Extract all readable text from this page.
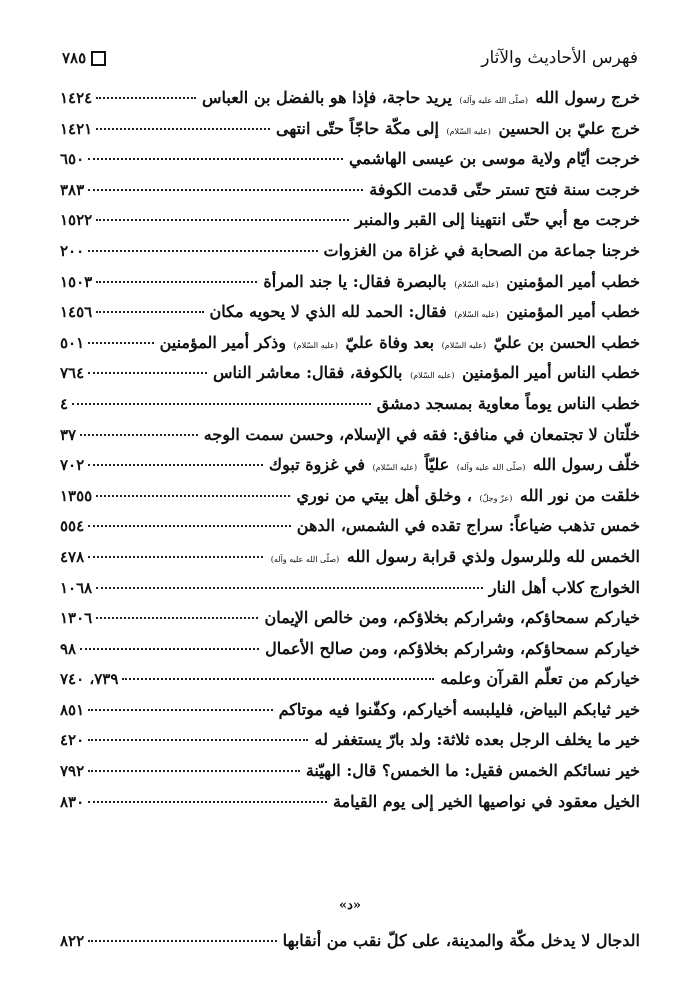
فهرس الأحاديث والآثار
٧٨٥
خرج رسول الله (صلّى الله عليه وآله) يريد حاجة، فإذا هو بالفضل بن العباس
١٤٢٤
خرج عليّ بن الحسين (عليه السّلام) إلى مكّة حاجّاً حتّى انتهى
١٤٢١
خرجت أيّام ولاية موسى بن عيسى الهاشمي
٦٥٠
خرجت سنة فتح تستر حتّى قدمت الكوفة
٣٨٣
خرجت مع أبي حتّى انتهينا إلى القبر والمنبر
١٥٢٢
خرجنا جماعة من الصحابة في غزاة من الغزوات
٢٠٠
خطب أمير المؤمنين (عليه السّلام) بالبصرة فقال: يا جند المرأة
١٥٠٣
خطب أمير المؤمنين (عليه السّلام) فقال: الحمد لله الذي لا يحويه مكان
١٤٥٦
خطب الحسن بن عليّ (عليه السّلام) بعد وفاة عليّ (عليه السّلام) وذكر أمير المؤمنين
٥٠١
خطب الناس أمير المؤمنين (عليه السّلام) بالكوفة، فقال: معاشر الناس
٧٦٤
خطب الناس يوماً معاوية بمسجد دمشق
٤
خلّتان لا تجتمعان في منافق: فقه في الإسلام، وحسن سمت الوجه
٣٧
خلّف رسول الله (صلّى الله عليه وآله) عليّاً (عليه السّلام) في غزوة تبوك
٧٠٢
خلقت من نور الله (عزّ وجلّ) ، وخلق أهل بيتي من نوري
١٣٥٥
خمس تذهب ضياعاً: سراج تقده في الشمس، الدهن
٥٥٤
الخمس لله وللرسول ولذي قرابة رسول الله (صلّى الله عليه وآله)
٤٧٨
الخوارج كلاب أهل النار
١٠٦٨
خياركم سمحاؤكم، وشراركم بخلاؤكم، ومن خالص الإيمان
١٣٠٦
خياركم سمحاؤكم، وشراركم بخلاؤكم، ومن صالح الأعمال
٩٨
خياركم من تعلّم القرآن وعلمه
٧٣٩، ٧٤٠
خير ثيابكم البياض، فليلبسه أخياركم، وكفّنوا فيه موتاكم
٨٥١
خير ما يخلف الرجل بعده ثلاثة: ولد بارّ يستغفر له
٤٢٠
خير نسائكم الخمس فقيل: ما الخمس؟ قال: الهيّنة
٧٩٢
الخيل معقود في نواصيها الخير إلى يوم القيامة
٨٣٠
«د»
الدجال لا يدخل مكّة والمدينة، على كلّ نقب من أنقابها
٨٢٢
